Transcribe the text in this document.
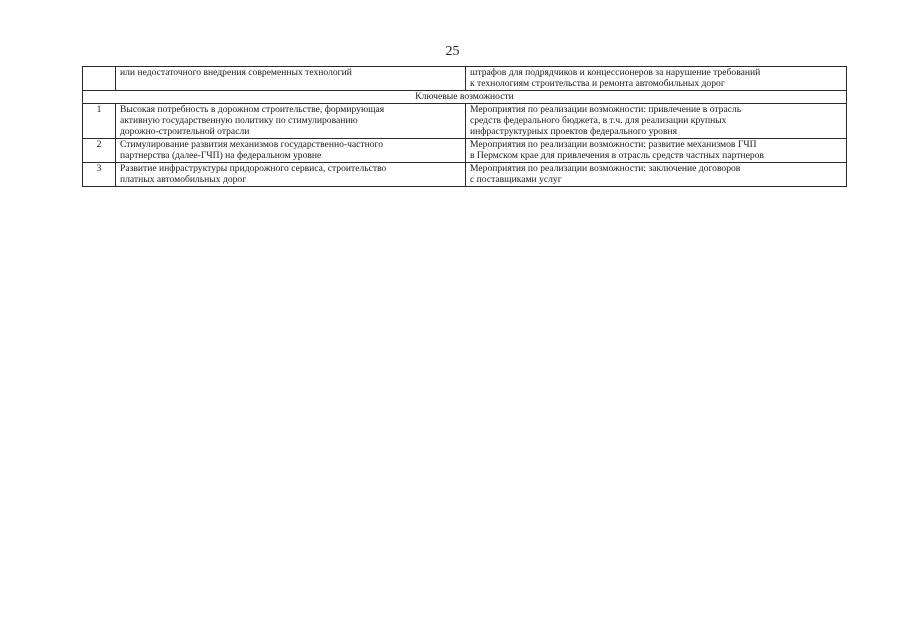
25

	или недостаточного внедрения современных технологий	штрафов для подрядчиков и концессионеров за нарушение требований
к технологиям строительства и ремонта автомобильных дорог

Ключевые возможности		
1	Высокая потребность в дорожном строительстве, формирующая
активную государственную политику по стимулированию
дорожно-строительной отрасли	Мероприятия по реализации возможности: привлечение в отрасль
средств федерального бюджета, в т.ч. для реализации крупных
инфраструктурных проектов федерального уровня

2	Стимулирование развития механизмов государственно-частного
партнерства (далее-ГЧП) на федеральном уровне	Мероприятия по реализации возможности: развитие механизмов ГЧП
в Пермском крае для привлечения в отрасль средств частных партнеров

3	Развитие инфраструктуры придорожного сервиса, строительство
платных автомобильных дорог	Мероприятия по реализации возможности: заключение договоров
с поставщиками услуг
